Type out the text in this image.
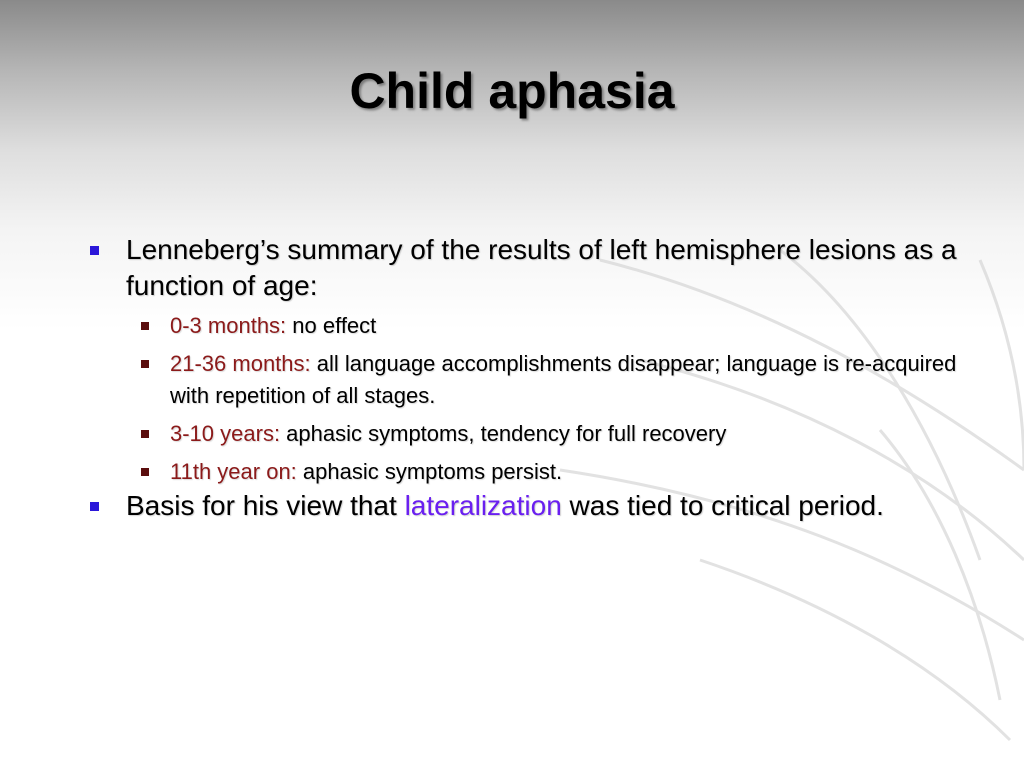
Child aphasia
Lenneberg’s summary of the results of left hemisphere lesions as a function of age:
0-3 months: no effect
21-36 months: all language accomplishments disappear; language is re-acquired with repetition of all stages.
3-10 years: aphasic symptoms, tendency for full recovery
11th year on: aphasic symptoms persist.
Basis for his view that lateralization was tied to critical period.
